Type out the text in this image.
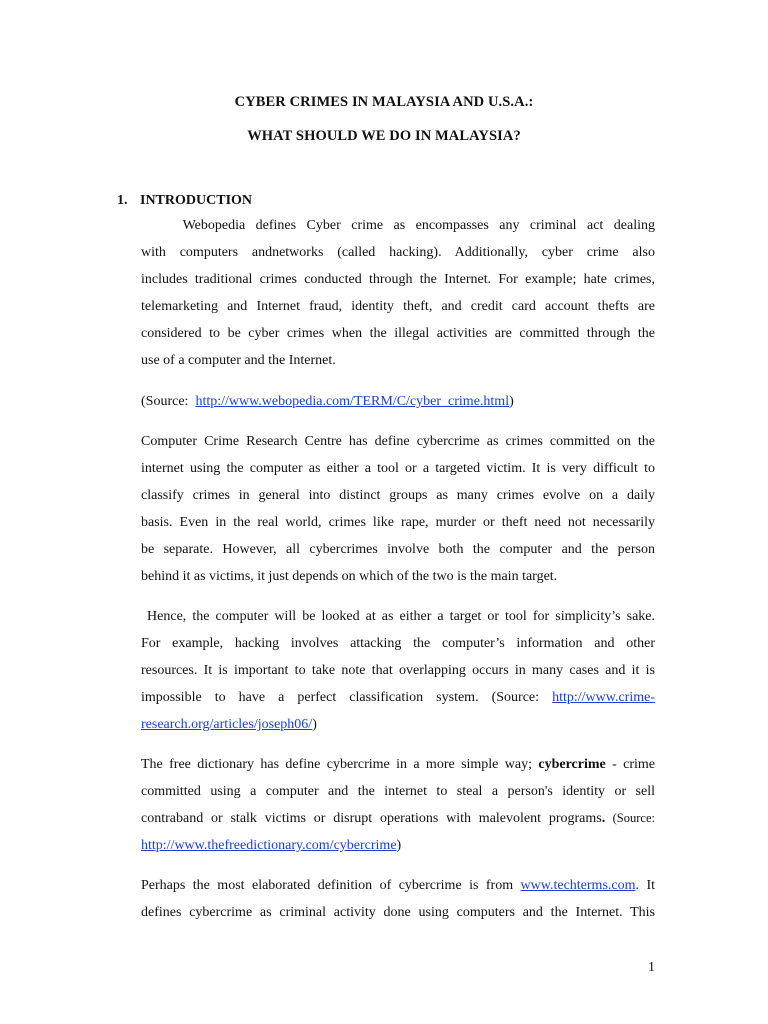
CYBER CRIMES IN MALAYSIA AND U.S.A.:
WHAT SHOULD WE DO IN MALAYSIA?
1. INTRODUCTION
Webopedia defines Cyber crime as encompasses any criminal act dealing
with computers andnetworks (called hacking). Additionally, cyber crime also
includes traditional crimes conducted through the Internet. For example; hate crimes,
telemarketing and Internet fraud, identity theft, and credit card account thefts are
considered to be cyber crimes when the illegal activities are committed through the
use of a computer and the Internet.
(Source:  http://www.webopedia.com/TERM/C/cyber_crime.html)
Computer Crime Research Centre has define cybercrime as crimes committed on the
internet using the computer as either a tool or a targeted victim. It is very difficult to
classify crimes in general into distinct groups as many crimes evolve on a daily
basis. Even in the real world, crimes like rape, murder or theft need not necessarily
be separate. However, all cybercrimes involve both the computer and the person
behind it as victims, it just depends on which of the two is the main target.
Hence, the computer will be looked at as either a target or tool for simplicity’s sake.
For example, hacking involves attacking the computer’s information and other
resources. It is important to take note that overlapping occurs in many cases and it is
impossible to have a perfect classification system. (Source: http://www.crime-
research.org/articles/joseph06/)
The free dictionary has define cybercrime in a more simple way; cybercrime - crime
committed using a computer and the internet to steal a person's identity or sell
contraband or stalk victims or disrupt operations with malevolent programs. (Source:
http://www.thefreedictionary.com/cybercrime)
Perhaps the most elaborated definition of cybercrime is from www.techterms.com. It
defines cybercrime as criminal activity done using computers and the Internet. This
1
